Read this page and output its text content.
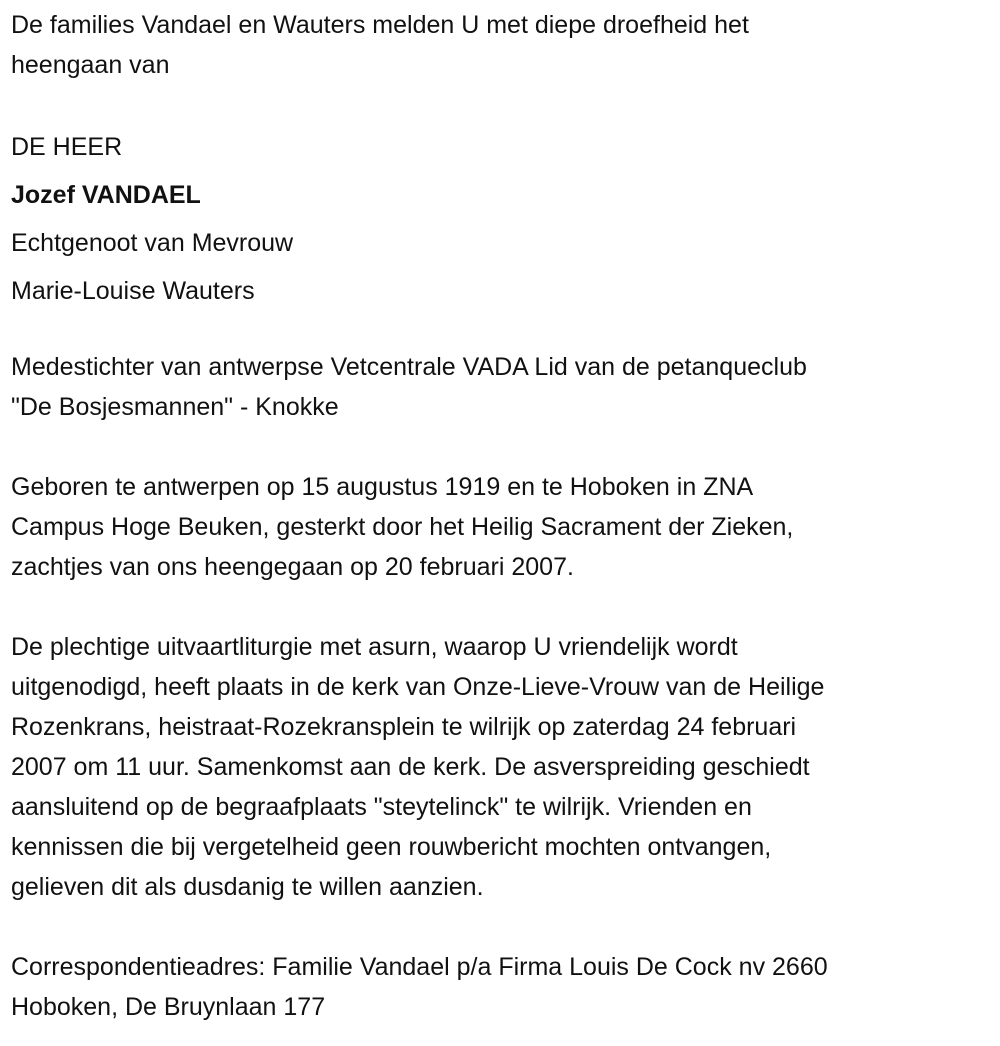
De families Vandael en Wauters melden U met diepe droefheid het
heengaan van
DE HEER
Jozef VANDAEL
Echtgenoot van Mevrouw
Marie-Louise Wauters
Medestichter van antwerpse Vetcentrale VADA Lid van de petanqueclub
"De Bosjesmannen" - Knokke
Geboren te antwerpen op 15 augustus 1919 en te Hoboken in ZNA
Campus Hoge Beuken, gesterkt door het Heilig Sacrament der Zieken,
zachtjes van ons heengegaan op 20 februari 2007.
De plechtige uitvaartliturgie met asurn, waarop U vriendelijk wordt
uitgenodigd, heeft plaats in de kerk van Onze-Lieve-Vrouw van de Heilige
Rozenkrans, heistraat-Rozekransplein te wilrijk op zaterdag 24 februari
2007 om 11 uur. Samenkomst aan de kerk. De asverspreiding geschiedt
aansluitend op de begraafplaats "steytelinck" te wilrijk. Vrienden en
kennissen die bij vergetelheid geen rouwbericht mochten ontvangen,
gelieven dit als dusdanig te willen aanzien.
Correspondentieadres: Familie Vandael p/a Firma Louis De Cock nv 2660
Hoboken, De Bruynlaan 177
